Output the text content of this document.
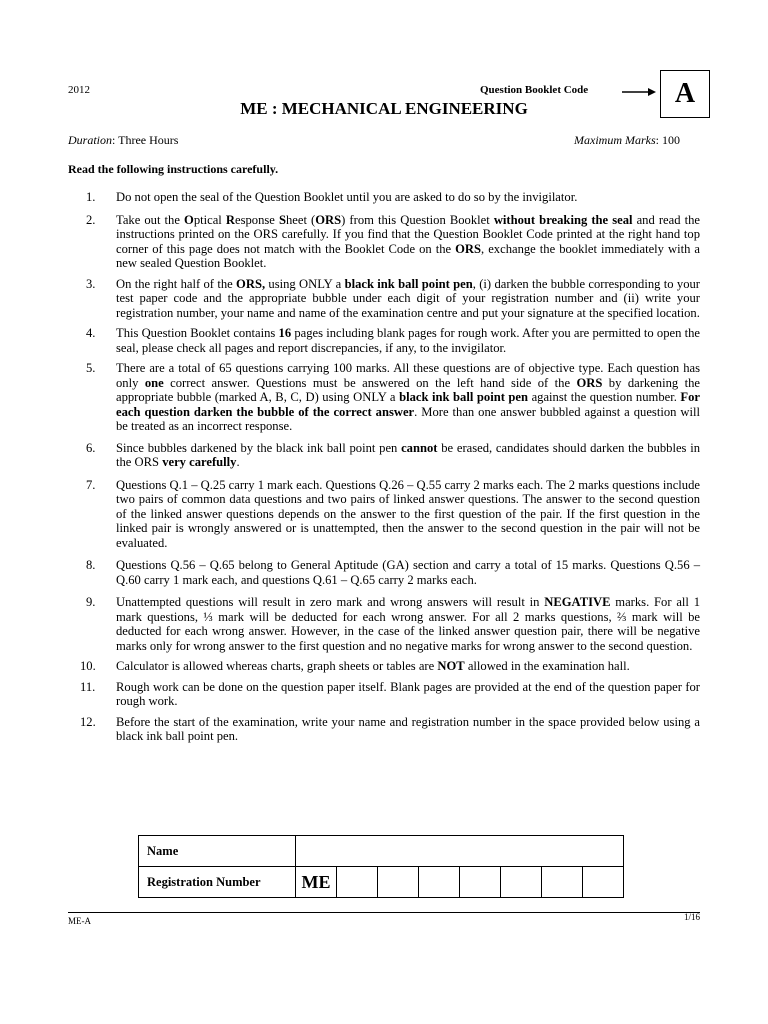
2012	Question Booklet Code	A
ME : MECHANICAL ENGINEERING
Duration: Three Hours	Maximum Marks: 100
Read the following instructions carefully.
1. Do not open the seal of the Question Booklet until you are asked to do so by the invigilator.
2. Take out the Optical Response Sheet (ORS) from this Question Booklet without breaking the seal and read the instructions printed on the ORS carefully. If you find that the Question Booklet Code printed at the right hand top corner of this page does not match with the Booklet Code on the ORS, exchange the booklet immediately with a new sealed Question Booklet.
3. On the right half of the ORS, using ONLY a black ink ball point pen, (i) darken the bubble corresponding to your test paper code and the appropriate bubble under each digit of your registration number and (ii) write your registration number, your name and name of the examination centre and put your signature at the specified location.
4. This Question Booklet contains 16 pages including blank pages for rough work. After you are permitted to open the seal, please check all pages and report discrepancies, if any, to the invigilator.
5. There are a total of 65 questions carrying 100 marks. All these questions are of objective type. Each question has only one correct answer. Questions must be answered on the left hand side of the ORS by darkening the appropriate bubble (marked A, B, C, D) using ONLY a black ink ball point pen against the question number. For each question darken the bubble of the correct answer. More than one answer bubbled against a question will be treated as an incorrect response.
6. Since bubbles darkened by the black ink ball point pen cannot be erased, candidates should darken the bubbles in the ORS very carefully.
7. Questions Q.1 – Q.25 carry 1 mark each. Questions Q.26 – Q.55 carry 2 marks each. The 2 marks questions include two pairs of common data questions and two pairs of linked answer questions. The answer to the second question of the linked answer questions depends on the answer to the first question of the pair. If the first question in the linked pair is wrongly answered or is unattempted, then the answer to the second question in the pair will not be evaluated.
8. Questions Q.56 – Q.65 belong to General Aptitude (GA) section and carry a total of 15 marks. Questions Q.56 – Q.60 carry 1 mark each, and questions Q.61 – Q.65 carry 2 marks each.
9. Unattempted questions will result in zero mark and wrong answers will result in NEGATIVE marks. For all 1 mark questions, ⅓ mark will be deducted for each wrong answer. For all 2 marks questions, ⅔ mark will be deducted for each wrong answer. However, in the case of the linked answer question pair, there will be negative marks only for wrong answer to the first question and no negative marks for wrong answer to the second question.
10. Calculator is allowed whereas charts, graph sheets or tables are NOT allowed in the examination hall.
11. Rough work can be done on the question paper itself. Blank pages are provided at the end of the question paper for rough work.
12. Before the start of the examination, write your name and registration number in the space provided below using a black ink ball point pen.
Name								
Registration Number	ME							
ME-A	1/16
